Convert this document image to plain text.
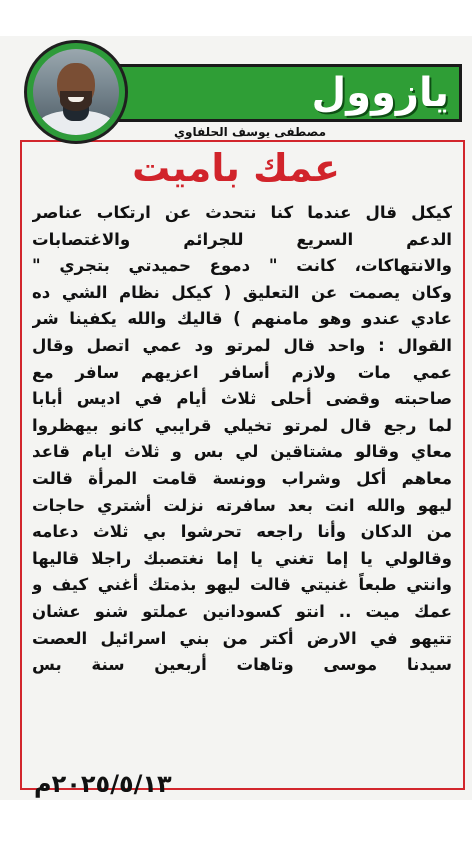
يازوول
مصطفى يوسف الحلفاوي
عمك باميت
كيكل قال عندما كنا نتحدث عن ارتكاب عناصر
الدعم السريع للجرائم والاغتصابات
والانتهاكات، كانت " دموع حميدتي بتجري "
وكان يصمت عن التعليق ( كيكل نظام الشي ده
عادي عندو وهو مامنهم ) قاليك والله يكفينا شر
القوال : واحد قال لمرتو ود عمي اتصل وقال
عمي مات ولازم أسافر اعزيهم سافر مع
صاحبته وقضى أحلى ثلاث أيام في اديس أبابا
لما رجع قال لمرتو تخيلي قرايبي كانو بيهظروا
معاي وقالو مشتاقين لي بس و ثلاث ايام قاعد
معاهم أكل وشراب وونسة قامت المرأة قالت
ليهو والله انت بعد سافرته نزلت أشتري حاجات
من الدكان وأنا راجعه تحرشوا بي ثلاث دعامه
وقالولي يا إما تغني يا إما نغتصبك راجلا قاليها
وانتي طبعاً غنيتي قالت ليهو بذمتك أغني كيف و
عمك ميت .. انتو كسودانين عملتو شنو عشان
تتيهو في الارض أكتر من بني اسرائيل العصت
سيدنا موسى وتاهات أربعين سنة بس
٢٠٢٥/٥/١٣م
